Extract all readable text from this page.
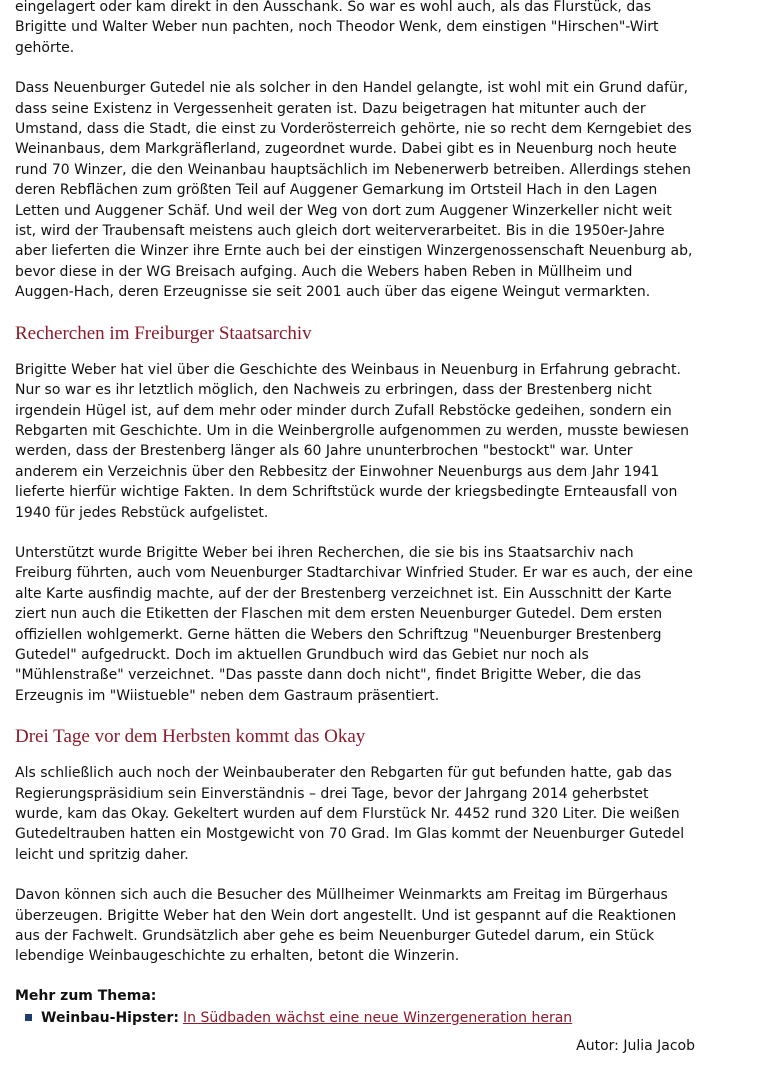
eingelagert oder kam direkt in den Ausschank. So war es wohl auch, als das Flurstück, das Brigitte und Walter Weber nun pachten, noch Theodor Wenk, dem einstigen "Hirschen"-Wirt gehörte.

Dass Neuenburger Gutedel nie als solcher in den Handel gelangte, ist wohl mit ein Grund dafür, dass seine Existenz in Vergessenheit geraten ist. Dazu beigetragen hat mitunter auch der Umstand, dass die Stadt, die einst zu Vorderösterreich gehörte, nie so recht dem Kerngebiet des Weinanbaus, dem Markgräflerland, zugeordnet wurde. Dabei gibt es in Neuenburg noch heute rund 70 Winzer, die den Weinanbau hauptsächlich im Nebenerwerb betreiben. Allerdings stehen deren Rebflächen zum größten Teil auf Auggener Gemarkung im Ortsteil Hach in den Lagen Letten und Auggener Schäf. Und weil der Weg von dort zum Auggener Winzerkeller nicht weit ist, wird der Traubensaft meistens auch gleich dort weiterverarbeitet. Bis in die 1950er-Jahre aber lieferten die Winzer ihre Ernte auch bei der einstigen Winzergenossenschaft Neuenburg ab, bevor diese in der WG Breisach aufging. Auch die Webers haben Reben in Müllheim und Auggen-Hach, deren Erzeugnisse sie seit 2001 auch über das eigene Weingut vermarkten.

Recherchen im Freiburger Staatsarchiv

Brigitte Weber hat viel über die Geschichte des Weinbaus in Neuenburg in Erfahrung gebracht. Nur so war es ihr letztlich möglich, den Nachweis zu erbringen, dass der Brestenberg nicht irgendein Hügel ist, auf dem mehr oder minder durch Zufall Rebstöcke gedeihen, sondern ein Rebgarten mit Geschichte. Um in die Weinbergrolle aufgenommen zu werden, musste bewiesen werden, dass der Brestenberg länger als 60 Jahre ununterbrochen "bestockt" war. Unter anderem ein Verzeichnis über den Rebbesitz der Einwohner Neuenburgs aus dem Jahr 1941 lieferte hierfür wichtige Fakten. In dem Schriftstück wurde der kriegsbedingte Ernteausfall von 1940 für jedes Rebstück aufgelistet.

Unterstützt wurde Brigitte Weber bei ihren Recherchen, die sie bis ins Staatsarchiv nach Freiburg führten, auch vom Neuenburger Stadtarchivar Winfried Studer. Er war es auch, der eine alte Karte ausfindig machte, auf der der Brestenberg verzeichnet ist. Ein Ausschnitt der Karte ziert nun auch die Etiketten der Flaschen mit dem ersten Neuenburger Gutedel. Dem ersten offiziellen wohlgemerkt. Gerne hätten die Webers den Schriftzug "Neuenburger Brestenberg Gutedel" aufgedruckt. Doch im aktuellen Grundbuch wird das Gebiet nur noch als "Mühlenstraße" verzeichnet. "Das passte dann doch nicht", findet Brigitte Weber, die das Erzeugnis im "Wiistueble" neben dem Gastraum präsentiert.

Drei Tage vor dem Herbsten kommt das Okay

Als schließlich auch noch der Weinbauberater den Rebgarten für gut befunden hatte, gab das Regierungspräsidium sein Einverständnis – drei Tage, bevor der Jahrgang 2014 geherbstet wurde, kam das Okay. Gekeltert wurden auf dem Flurstück Nr. 4452 rund 320 Liter. Die weißen Gutedeltrauben hatten ein Mostgewicht von 70 Grad. Im Glas kommt der Neuenburger Gutedel leicht und spritzig daher.

Davon können sich auch die Besucher des Müllheimer Weinmarkts am Freitag im Bürgerhaus überzeugen. Brigitte Weber hat den Wein dort angestellt. Und ist gespannt auf die Reaktionen aus der Fachwelt. Grundsätzlich aber gehe es beim Neuenburger Gutedel darum, ein Stück lebendige Weinbaugeschichte zu erhalten, betont die Winzerin.

Mehr zum Thema:
Weinbau-Hipster: In Südbaden wächst eine neue Winzergeneration heran
Autor: Julia Jacob
